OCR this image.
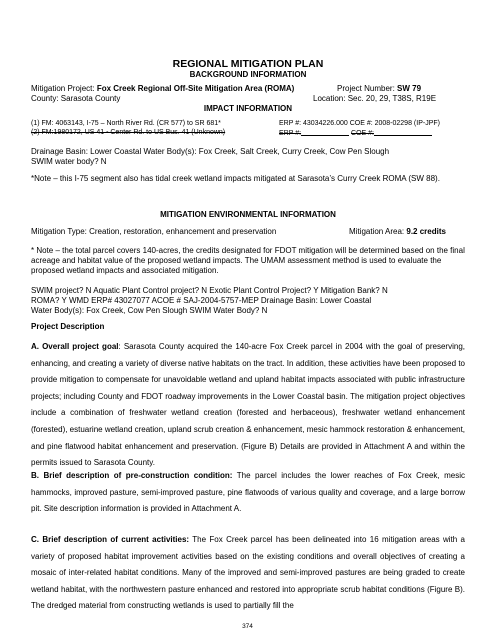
REGIONAL MITIGATION PLAN
BACKGROUND INFORMATION
Mitigation Project: Fox Creek Regional Off-Site Mitigation Area (ROMA)	Project Number: SW 79
County: Sarasota County	Location: Sec. 20, 29, T38S, R19E
IMPACT INFORMATION
(1) FM: 4063143, I-75 – North River Rd. (CR 577) to SR 681*	ERP #: 43034226.000 COE #: 2008-02298 (IP-JPF)
(2) FM:1980172, US 41 - Center Rd. to US Bus. 41 (Unknown)	ERP #:	COE #:
Drainage Basin: Lower Coastal Water Body(s): Fox Creek, Salt Creek, Curry Creek, Cow Pen Slough
SWIM water body? N
*Note – this I-75 segment also has tidal creek wetland impacts mitigated at Sarasota’s Curry Creek ROMA (SW 88).
MITIGATION ENVIRONMENTAL INFORMATION
Mitigation Type: Creation, restoration, enhancement and preservation	Mitigation Area: 9.2 credits
* Note – the total parcel covers 140-acres, the credits designated for FDOT mitigation will be determined based on the final acreage and habitat value of the proposed wetland impacts. The UMAM assessment method is used to evaluate the proposed wetland impacts and associated mitigation.
SWIM project? N Aquatic Plant Control project? N Exotic Plant Control Project? Y Mitigation Bank? N
ROMA? Y WMD ERP# 43027077 ACOE # SAJ-2004-5757-MEP Drainage Basin: Lower Coastal
Water Body(s): Fox Creek, Cow Pen Slough SWIM Water Body? N
Project Description
A. Overall project goal: Sarasota County acquired the 140-acre Fox Creek parcel in 2004 with the goal of preserving, enhancing, and creating a variety of diverse native habitats on the tract. In addition, these activities have been proposed to provide mitigation to compensate for unavoidable wetland and upland habitat impacts associated with public infrastructure projects; including County and FDOT roadway improvements in the Lower Coastal basin. The mitigation project objectives include a combination of freshwater wetland creation (forested and herbaceous), freshwater wetland enhancement (forested), estuarine wetland creation, upland scrub creation & enhancement, mesic hammock restoration & enhancement, and pine flatwood habitat enhancement and preservation. (Figure B) Details are provided in Attachment A and within the permits issued to Sarasota County.
B. Brief description of pre-construction condition: The parcel includes the lower reaches of Fox Creek, mesic hammocks, improved pasture, semi-improved pasture, pine flatwoods of various quality and coverage, and a large borrow pit. Site description information is provided in Attachment A.
C. Brief description of current activities: The Fox Creek parcel has been delineated into 16 mitigation areas with a variety of proposed habitat improvement activities based on the existing conditions and overall objectives of creating a mosaic of inter-related habitat conditions. Many of the improved and semi-improved pastures are being graded to create wetland habitat, with the northwestern pasture enhanced and restored into appropriate scrub habitat conditions (Figure B). The dredged material from constructing wetlands is used to partially fill the
374
